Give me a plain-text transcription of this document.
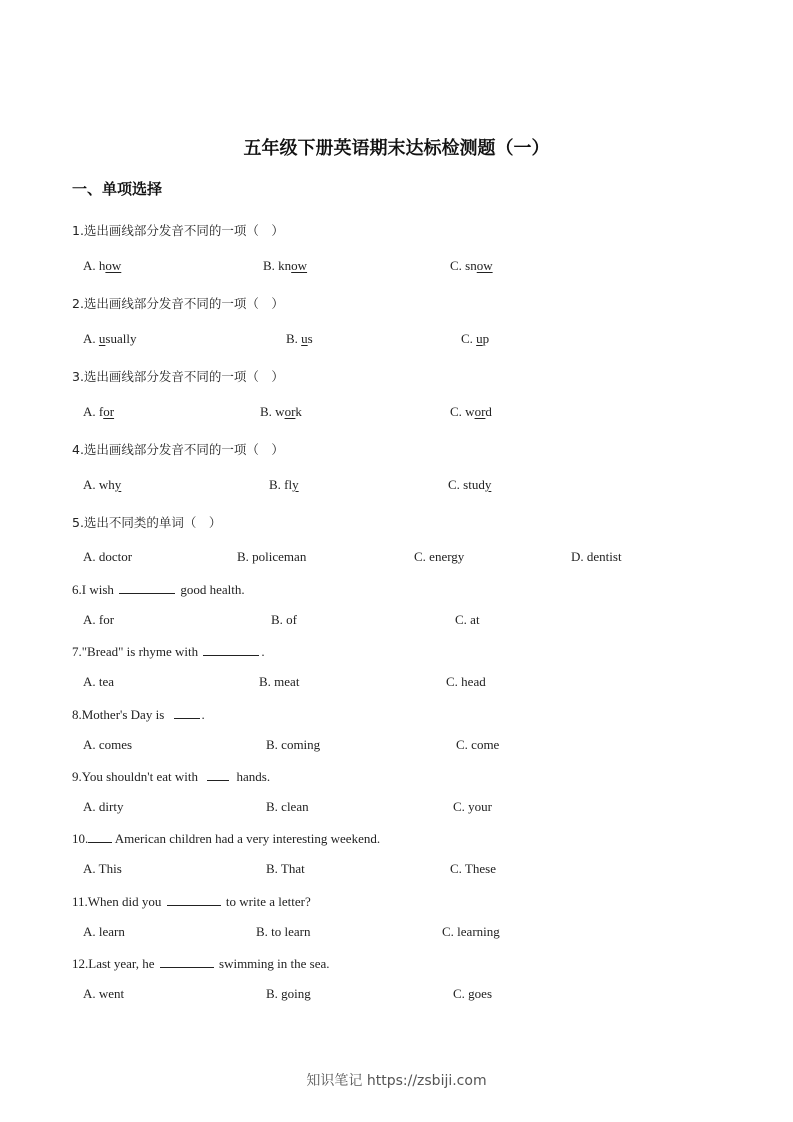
五年级下册英语期末达标检测题（一）
一、单项选择
1.选出画线部分发音不同的一项（　）
A. how	B. know	C. snow
2.选出画线部分发音不同的一项（　）
A. usually	B. us	C. up
3.选出画线部分发音不同的一项（　）
A. for	B. work	C. word
4.选出画线部分发音不同的一项（　）
A. why	B. fly	C. study
5.选出不同类的单词（　）
A. doctor	B. policeman	C. energy	D. dentist
6.I wish	good health.
A. for	B. of	C. at
7."Bread" is rhyme with	.
A. tea	B. meat	C. head
8.Mother's Day is	.
A. comes	B. coming	C. come
9.You shouldn't eat with  hands.
A. dirty	B. clean	C. your
10. American children had a very interesting weekend.
A. This	B. That	C. These
11.When did you	to write a letter?
A. learn	B. to learn	C. learning
12.Last year, he	swimming in the sea.
A. went	B. going	C. goes
知识笔记 https://zsbiji.com
